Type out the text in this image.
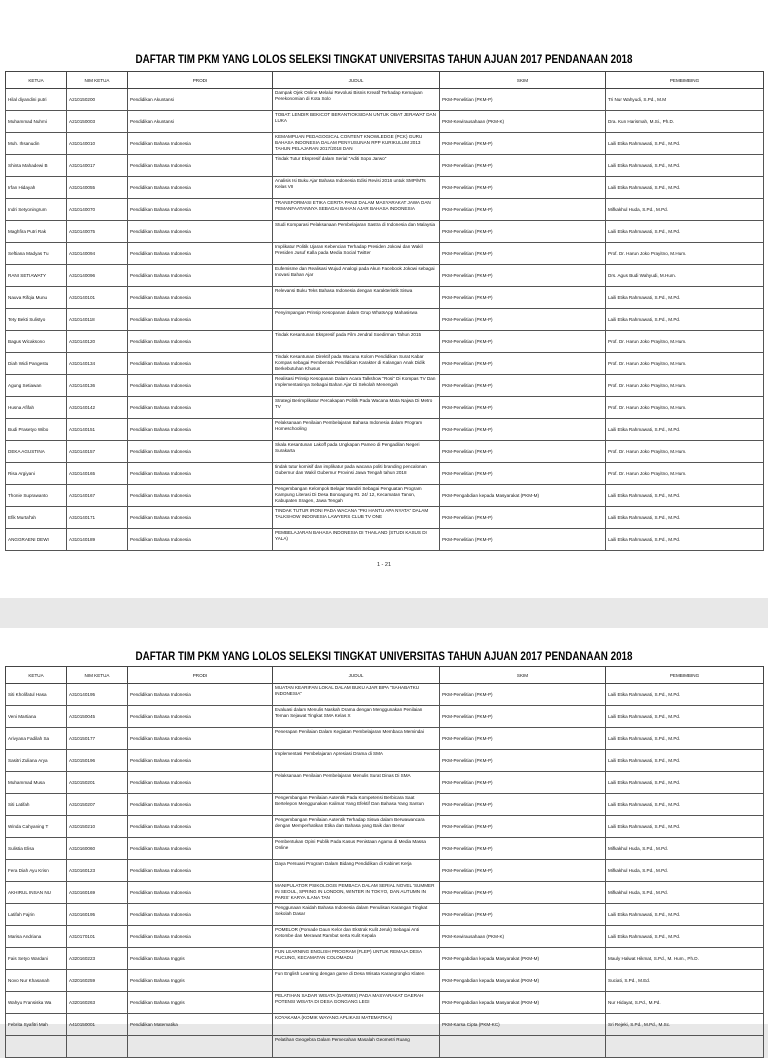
DAFTAR TIM PKM YANG LOLOS SELEKSI TINGKAT UNIVERSITAS TAHUN AJUAN 2017 PENDANAAN 2018
KETUA	NIM KETUA	PRODI	JUDUL	SKIM	PEMBIMBING
Hilal diyandini putri	A210150200	Pendidikan Akuntansi	Dampak Ojek Online Melalui Revolusi Bisnis Kreatif Terhadap Kemajuan Perekonomian di Kota Solo	PKM-Penelitian (PKM-P)	Tri Nur Wahyudi, S.Pd., M.M
Muhammad Nuhmi	A210150003	Pendidikan Akuntansi	TOBAT: LENDIR BEKICOT BERANTIOKSIDAN UNTUK OBAT JERAWAT DAN LUKA	PKM-Kewirausahaan (PKM-K)	Dra. Kun Harismah, M.Si., Ph.D.
Muh. Ihsanudin	A310140010	Pendidikan Bahasa Indonesia	KEMAMPUAN PEDAGOGICAL CONTENT KNOWLEDGE (PCK) GURU BAHASA INDONESIA DALAM PENYUSUNAN RPP KURIKULUM 2013 TAHUN PELAJARAN 2017/2018 DAN	PKM-Penelitian (PKM-P)	Laili Etika Rahmawati, S.Pd., M.Pd.
Shinta Mahadewi B	A310140017	Pendidikan Bahasa Indonesia	Tindak Tutur Ekspresif dalam Serial "Aditi Sopo Jarwo"	PKM-Penelitian (PKM-P)	Laili Etika Rahmawati, S.Pd., M.Pd.
Irfan Hidayah	A310140055	Pendidikan Bahasa Indonesia	Analisis Isi Buku Ajar Bahasa Indonesia Edisi Revisi 2016 untuk SMP/MTs Kelas VII	PKM-Penelitian (PKM-P)	Laili Etika Rahmawati, S.Pd., M.Pd.
Indri Setyoningrum	A310140070	Pendidikan Bahasa Indonesia	TRANSFORMASI ETIKA CERITA PANJI DALAM MASYARAKAT JAWA DAN PEMANFAATANNYA SEBAGAI BAHAN AJAR BAHASA INDONESIA	PKM-Penelitian (PKM-P)	Mifkakhul Huda, S.Pd., M.Pd.
Maghfira Putri Rak	A310140075	Pendidikan Bahasa Indonesia	Studi Komparasi Pelaksanaan Pembelajaran Sastra di Indonesia dan Malaysia	PKM-Penelitian (PKM-P)	Laili Etika Rahmawati, S.Pd., M.Pd.
Seftiana Madyas Tu	A310140094	Pendidikan Bahasa Indonesia	Implikatur Politik Ujaran Kebencian Terhadap Presiden Jokowi dan Wakil Presiden Jusuf Kalla pada Media Social Twitter	PKM-Penelitian (PKM-P)	Prof. Dr. Harun Joko Prayitno, M.Hum.
RANI SETIAWATY	A310140096	Pendidikan Bahasa Indonesia	Eufemisme dan Realisasi Wujud Analogi pada Akun Facebook Jokowi sebagai Inovasi Bahan Ajar	PKM-Penelitian (PKM-P)	Drs. Agus Budi Wahyudi, M.Hum.
Nauva Rifqia Munu	A310140101	Pendidikan Bahasa Indonesia	Relevansi Buku Teks Bahasa Indonesia dengan Karakteristik Siswa	PKM-Penelitian (PKM-P)	Laili Etika Rahmawati, S.Pd., M.Pd.
Tety Bekti Sulistyo	A310140118	Pendidikan Bahasa Indonesia	Penyimpangan Prinsip Kesopanan dalam Grup WhatsApp Mahasiswa	PKM-Penelitian (PKM-P)	Laili Etika Rahmawati, S.Pd., M.Pd.
Bagus Wicaksono	A310140120	Pendidikan Bahasa Indonesia	Tindak Kesantunan Ekspresif pada Film Jendral Soedirman Tahun 2015	PKM-Penelitian (PKM-P)	Prof. Dr. Harun Joko Prayitno, M.Hum.
Diah Widi Pangestu	A310140134	Pendidikan Bahasa Indonesia	Tindak Kesantunan Direktif pada Wacana Kolom Pendidikan Surat Kabar Kompas sebagai Pembentuk Pendidikan Karakter di Kalangan Anak Didik Berkebutuhan Khusus	PKM-Penelitian (PKM-P)	Prof. Dr. Harun Joko Prayitno, M.Hum.
Agung Setiawan	A310140136	Pendidikan Bahasa Indonesia	Realisasi Prinsip Kesopanan Dalam Acara Talkshow "Rosi" Di Kompas TV Dan Implementasinya Sebagai Bahan Ajar Di Sekolah Menengah	PKM-Penelitian (PKM-P)	Prof. Dr. Harun Joko Prayitno, M.Hum.
Husna Afifah	A310140142	Pendidikan Bahasa Indonesia	Strategi Berimplikatur Percakapan Politik Pada Wacana Mata Najwa Di Metro TV	PKM-Penelitian (PKM-P)	Prof. Dr. Harun Joko Prayitno, M.Hum.
Budi Prasetyo Wibo	A310140151	Pendidikan Bahasa Indonesia	Pelaksanaan Penilaian Pembelajaran Bahasa Indonesia dalam Program Homeschooling	PKM-Penelitian (PKM-P)	Laili Etika Rahmawati, S.Pd., M.Pd.
DEKA AGUSTINA	A310140157	Pendidikan Bahasa Indonesia	Skala Kesantunan Lakoff pada Ungkapan Pameo di Pengadilan Negeri Surakarta	PKM-Penelitian (PKM-P)	Prof. Dr. Harun Joko Prayitno, M.Hum.
Risa Argiyani	A310140165	Pendidikan Bahasa Indonesia	tindak tutur komisif dan implikatur pada wacana politi branding pencalonan Gubernur dan Wakil Gubernur Provinsi Jawa Tengah tahun 2018	PKM-Penelitian (PKM-P)	Prof. Dr. Harun Joko Prayitno, M.Hum.
Thonie Suprawanto	A310140167	Pendidikan Bahasa Indonesia	Pengembangan Kelompok Belajar Mandiri Sebagai Penguatan Program Kampung Literasi Di Desa Bonoagung Rt. 24/ 12, Kecamatan Tanon, Kabupaten Sragen, Jawa Tengah	PKM-Pengabdian kepada Masyarakat (PKM-M)	Laili Etika Rahmawati, S.Pd., M.Pd.
Efik Murtaf'ah	A310140171	Pendidikan Bahasa Indonesia	TINDAK TUTUR IRONI PADA WACANA "PKI HANTU APA NYATA" DALAM TALKSHOW INDONESIA LAWYERS CLUB TV ONE	PKM-Penelitian (PKM-P)	Laili Etika Rahmawati, S.Pd., M.Pd.
ANGGRAENI DEWI	A310140189	Pendidikan Bahasa Indonesia	PEMBELAJARAN BAHASA INDONESIA DI THAILAND (STUDI KASUS DI YALA)	PKM-Penelitian (PKM-P)	Laili Etika Rahmawati, S.Pd., M.Pd.
1 - 21
DAFTAR TIM PKM YANG LOLOS SELEKSI TINGKAT UNIVERSITAS TAHUN AJUAN 2017 PENDANAAN 2018
KETUA	NIM KETUA	PRODI	JUDUL	SKIM	PEMBIMBING
Siti Kholifatul Hasa	A310140195	Pendidikan Bahasa Indonesia	MUATAN KEARIFAN LOKAL DALAM BUKU AJAR BIPA "SAHABATKU INDONESIA"	PKM-Penelitian (PKM-P)	Laili Etika Rahmawati, S.Pd., M.Pd.
Veni Martiana	A310150045	Pendidikan Bahasa Indonesia	Evaluasi dalam Menulis Naskah Drama dengan Menggunakan Penilaian Teman Sejawat Tingkat SMA Kelas X	PKM-Penelitian (PKM-P)	Laili Etika Rahmawati, S.Pd., M.Pd.
Arivyana Fadilah Sa	A310150177	Pendidikan Bahasa Indonesia	Penerapan Penilaian Dalam Kegiatan Pembelajaran Membaca Memindai	PKM-Penelitian (PKM-P)	Laili Etika Rahmawati, S.Pd., M.Pd.
Sasitri Zuliana Arya	A310150196	Pendidikan Bahasa Indonesia	Implementasi Pembelajaran Apresiasi Drama di SMA	PKM-Penelitian (PKM-P)	Laili Etika Rahmawati, S.Pd., M.Pd.
Muhammad Musa	A310150201	Pendidikan Bahasa Indonesia	Pelaksanaan Penilaian Pembelajaran Menulis Surat Dinas Di SMA	PKM-Penelitian (PKM-P)	Laili Etika Rahmawati, S.Pd., M.Pd.
Siti Latifah	A310150207	Pendidikan Bahasa Indonesia	Pengembangan Penilaian Autentik Pada Kompetensi Berbicara Saat Bertelepon Menggunakan Kalimat Yang Efektif Dan Bahasa Yang Santun	PKM-Penelitian (PKM-P)	Laili Etika Rahmawati, S.Pd., M.Pd.
Winda Cahyaning T	A310150210	Pendidikan Bahasa Indonesia	Pengembangan Penilaian Autentik Terhadap Siswa dalam Berwawancara dengan Memperhatikan Etika dan Bahasa yang Baik dan Benar	PKM-Penelitian (PKM-P)	Laili Etika Rahmawati, S.Pd., M.Pd.
Sulistia Elisa	A310160060	Pendidikan Bahasa Indonesia	Pembentukan Opini Publik Pada Kasus Penistaan Agama di Media Massa Online	PKM-Penelitian (PKM-P)	Mifkakhul Huda, S.Pd., M.Pd.
Fera Diah Ayu Krisn	A310160123	Pendidikan Bahasa Indonesia	Daya Persuasi Program Dalam Bidang Pendidikan di Kabinet Kerja	PKM-Penelitian (PKM-P)	Mifkakhul Huda, S.Pd., M.Pd.
AKHIRUL INSAN NU	A310160169	Pendidikan Bahasa Indonesia	MANIPULATOR PSIKOLOGIS PEMBACA DALAM SERIAL NOVEL 'SUMMER IN SEOUL, SPRING IN LONDON, WINTER IN TOKYO, DAN AUTUMN IN PARIS' KARYA ILANA TAN	PKM-Penelitian (PKM-P)	Mifkakhul Huda, S.Pd., M.Pd.
Latifah Fajrin	A310160195	Pendidikan Bahasa Indonesia	Penggunaan Kaidah Bahasa Indonesia dalam Penulisan Karangan Tingkat Sekolah Dasar	PKM-Penelitian (PKM-P)	Laili Etika Rahmawati, S.Pd., M.Pd.
Marisa Andriana	A310170101	Pendidikan Bahasa Indonesia	POMELOR (Pomade Daun Kelor dan Ekstrak Kulit Jeruk) Sebagai Anti Ketombe dan Merawat Rambut serta Kulit Kepala	PKM-Kewirausahaan (PKM-K)	Laili Etika Rahmawati, S.Pd., M.Pd.
Fais Setyo Wardani	A320160223	Pendidikan Bahasa Inggris	FUN LEARNING ENGLISH PROGRAM (FLEP) UNTUK REMAJA DESA PUCUNG, KECAMATAN COLOMADU	PKM-Pengabdian kepada Masyarakat (PKM-M)	Mauly Halwat Hikmat, S.Pd., M. Hum., Ph.D.
Novo Nur Khasanah	A320160259	Pendidikan Bahasa Inggris	Fun English Learning dengan game di Desa Wisata Karangrongko Klaten	PKM-Pengabdian kepada Masyarakat (PKM-M)	Suciati, S.Pd., M.Ed.
Wahyu Fransiska Wa	A320160263	Pendidikan Bahasa Inggris	PELATIHAN SADAR WISATA (DARWIS) PADA MASYARAKAT DAERAH POTENSI WISATA DI DESA GONGANG LEGI	PKM-Pengabdian kepada Masyarakat (PKM-M)	Nur Hidayat, S.Pd., M.Pd.
Febrita Syafitri Mah	A410150001	Pendidikan Matematika	KOYAKAMA (KOMIK WAYANG APLIKASI MATEMATIKA)	PKM-Karsa Cipta (PKM-KC)	Sri Rejeki, S.Pd., M.Pd., M.Sc.
			Pelatihan Geogebra Dalam Pemecahan Masalah Geometri Ruang		
